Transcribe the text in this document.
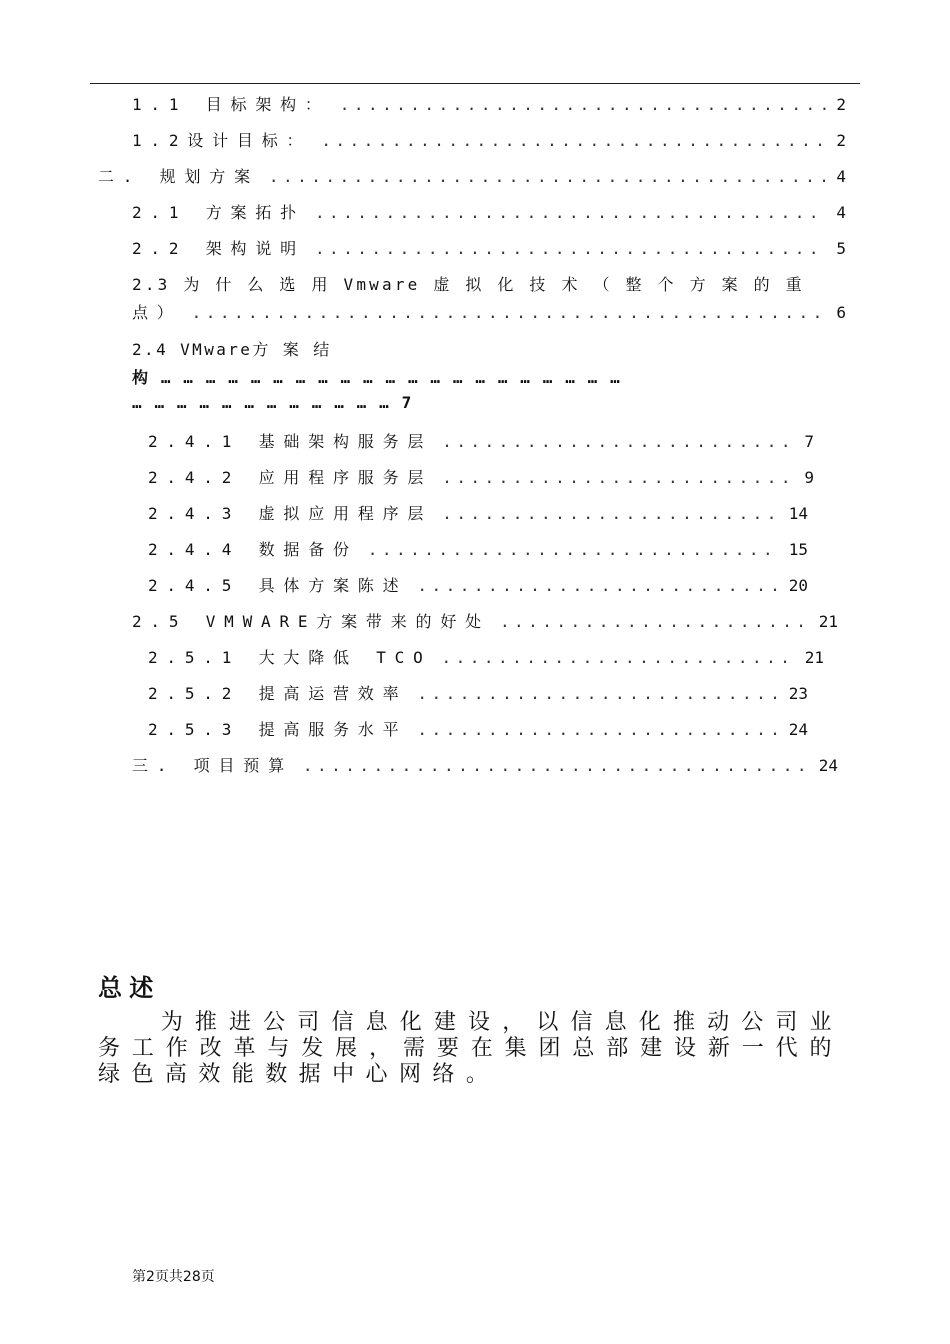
1.1 目标架构： .....	2
1.2设计目标： .....	2
二. 规划方案 .....	4
2.1 方案拓扑 .....	4
2.2 架构说明 .....	5
2.3 为 什 么 选 用 Vmware 虚 拟 化 技 术 （ 整 个 方 案 的 重
点） .....	6
2.4 VMware方 案 结
构 … … … … … … … … … … … … … … … … … … … … …
… … … … … … … … … … … … 7
2.4.1 基础架构服务层 .....	7
2.4.2 应用程序服务层 .....	9
2.4.3 虚拟应用程序层 .....	14
2.4.4 数据备份 .....	15
2.4.5 具体方案陈述 .....	20
2.5 VMWARE方案带来的好处 .....	21
2.5.1 大大降低 TCO .....	21
2.5.2 提高运营效率 .....	23
2.5.3 提高服务水平 .....	24
三. 项目预算 .....	24
总述
为推进公司信息化建设，以信息化推动公司业务工作改革与发展，需要在集团总部建设新一代的绿色高效能数据中心网络。
第2页共28页
